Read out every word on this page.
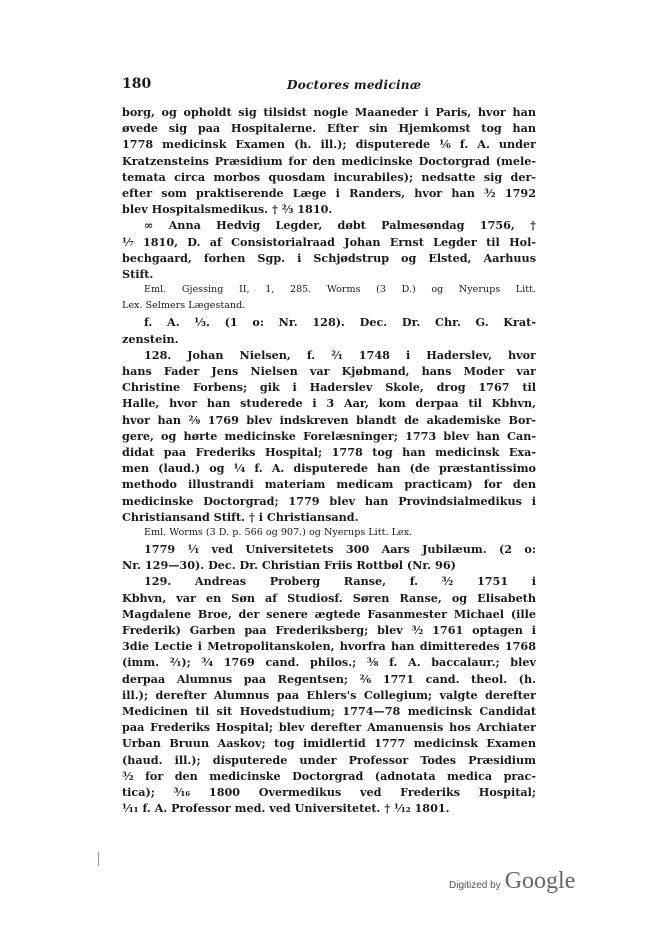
180	Doctores medicinæ
borg, og opholdt sig tilsidst nogle Maaneder i Paris, hvor han
øvede sig paa Hospitalerne. Efter sin Hjemkomst tog han
1778 medicinsk Examen (h. ill.); disputerede ¹⁄₆ f. A. under
Kratzensteins Præsidium for den medicinske Doctorgrad (mele-
temata circa morbos quosdam incurabiles); nedsatte sig der-
efter som praktiserende Læge i Randers, hvor han ³⁄₂ 1792
blev Hospitalsmedikus. † ²⁄₃ 1810.
∞ Anna Hedvig Legder, døbt Palmesøndag 1756, †
¹⁄₇ 1810, D. af Consistorialraad Johan Ernst Legder til Hol-
bechgaard, forhen Sgp. i Schjødstrup og Elsted, Aarhuus
Stift.
Eml. Gjessing II, 1, 285. Worms (3 D.) og Nyerups Litt.
Lex. Selmers Lægestand.
f. A. ¹⁄₃. (1 o: Nr. 128). Dec. Dr. Chr. G. Krat-
zenstein.
128. Johan Nielsen, f. ²⁄₁ 1748 i Haderslev, hvor
hans Fader Jens Nielsen var Kjøbmand, hans Moder var
Christine Forbens; gik i Haderslev Skole, drog 1767 til
Halle, hvor han studerede i 3 Aar, kom derpaa til Kbhvn,
hvor han ²⁄₉ 1769 blev indskreven blandt de akademiske Bor-
gere, og hørte medicinske Forelæsninger; 1773 blev han Can-
didat paa Frederiks Hospital; 1778 tog han medicinsk Exa-
men (laud.) og ¹⁄₄ f. A. disputerede han (de præstantissimo
methodo illustrandi materiam medicam practicam) for den
medicinske Doctorgrad; 1779 blev han Provindsialmedikus i
Christiansand Stift. † i Christiansand.
Eml. Worms (3 D. p. 566 og 907.) og Nyerups Litt. Lex.
1779 ¹⁄₁ ved Universitetets 300 Aars Jubilæum. (2 o:
Nr. 129—30). Dec. Dr. Christian Friis Rottbøl (Nr. 96)
129. Andreas Proberg Ranse, f. ³⁄₂ 1751 i
Kbhvn, var en Søn af Studiosf. Søren Ranse, og Elisabeth
Magdalene Broe, der senere ægtede Fasanmester Michael (ille
Frederik) Garben paa Frederiksberg; blev ³⁄₂ 1761 optagen i
3die Lectie i Metropolitanskolen, hvorfra han dimitteredes 1768
(imm. ²⁄₁); ³⁄₄ 1769 cand. philos.; ³⁄₈ f. A. baccalaur.; blev
derpaa Alumnus paa Regentsen; ²⁄₆ 1771 cand. theol. (h.
ill.); derefter Alumnus paa Ehlers's Collegium; valgte derefter
Medicinen til sit Hovedstudium; 1774—78 medicinsk Candidat
paa Frederiks Hospital; blev derefter Amanuensis hos Archiater
Urban Bruun Aaskov; tog imidlertid 1777 medicinsk Examen
(haud. ill.); disputerede under Professor Todes Præsidium
³⁄₂ for den medicinske Doctorgrad (adnotata medica prac-
tica); ³⁄₁₆ 1800 Overmedikus ved Frederiks Hospital;
¹⁄₁₁ f. A. Professor med. ved Universitetet. † ¹⁄₁₂ 1801.
Digitized by Google
